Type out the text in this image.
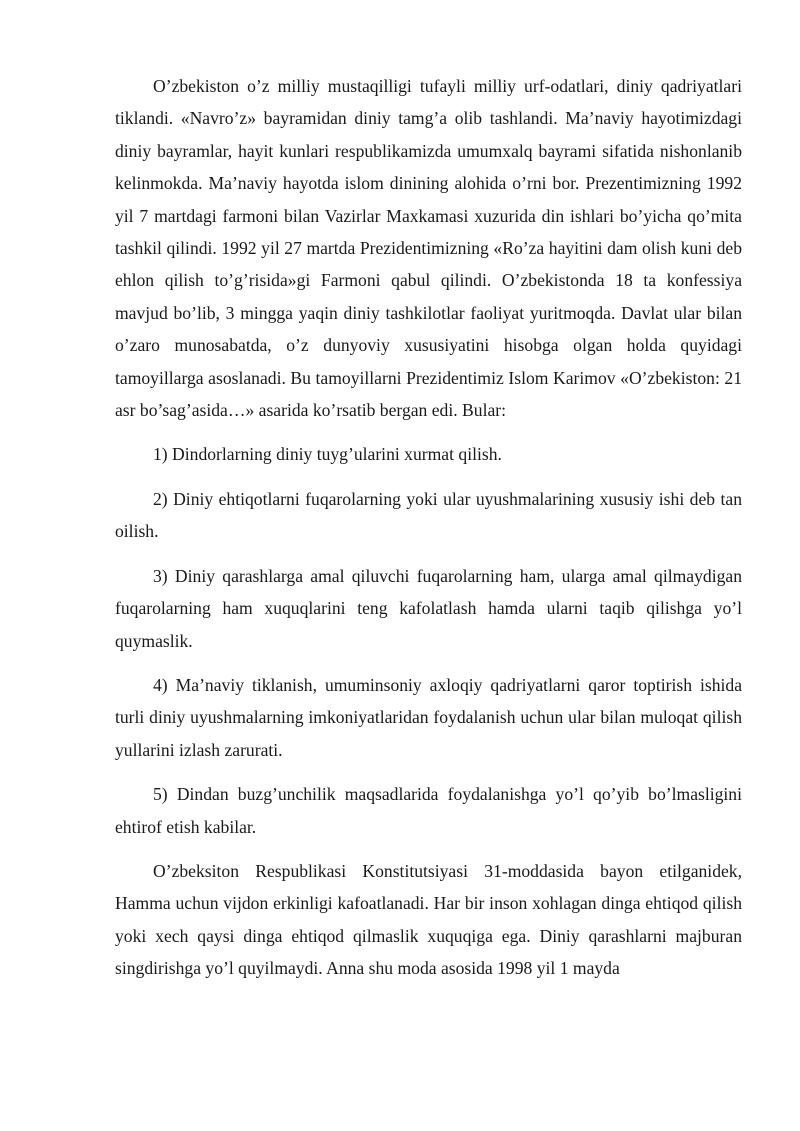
O’zbekiston o’z milliy mustaqilligi tufayli milliy urf-odatlari, diniy qadriyatlari tiklandi. «Navro’z» bayramidan diniy tamg’a olib tashlandi. Ma’naviy hayotimizdagi diniy bayramlar, hayit kunlari respublikamizda umumxalq bayrami sifatida nishonlanib kelinmokda. Ma’naviy hayotda islom dinining alohida o’rni bor. Prezentimizning 1992 yil 7 martdagi farmoni bilan Vazirlar Maxkamasi xuzurida din ishlari bo’yicha qo’mita tashkil qilindi. 1992 yil 27 martda Prezidentimizning «Ro’za hayitini dam olish kuni deb ehlon qilish to’g’risida»gi Farmoni qabul qilindi. O’zbekistonda 18 ta konfessiya mavjud bo’lib, 3 mingga yaqin diniy tashkilotlar faoliyat yuritmoqda. Davlat ular bilan o’zaro munosabatda, o’z dunyoviy xususiyatini hisobga olgan holda quyidagi tamoyillarga asoslanadi. Bu tamoyillarni Prezidentimiz Islom Karimov «O’zbekiston: 21 asr bo’sag’asida…» asarida ko’rsatib bergan edi. Bular:

1) Dindorlarning diniy tuyg’ularini xurmat qilish.

2) Diniy ehtiqotlarni fuqarolarning yoki ular uyushmalarining xususiy ishi deb tan oilish.

3) Diniy qarashlarga amal qiluvchi fuqarolarning ham, ularga amal qilmaydigan fuqarolarning ham xuquqlarini teng kafolatlash hamda ularni taqib qilishga yo’l quymaslik.

4) Ma’naviy tiklanish, umuminsoniy axloqiy qadriyatlarni qaror toptirish ishida turli diniy uyushmalarning imkoniyatlaridan foydalanish uchun ular bilan muloqat qilish yullarini izlash zarurati.

5) Dindan buzg’unchilik maqsadlarida foydalanishga yo’l qo’yib bo’lmasligini ehtirof etish kabilar.

O’zbeksiton Respublikasi Konstitutsiyasi 31-moddasida bayon etilganidek, Hamma uchun vijdon erkinligi kafoatlanadi. Har bir inson xohlagan dinga ehtiqod qilish yoki xech qaysi dinga ehtiqod qilmaslik xuquqiga ega. Diniy qarashlarni majburan singdirishga yo’l quyilmaydi. Anna shu moda asosida 1998 yil 1 mayda
